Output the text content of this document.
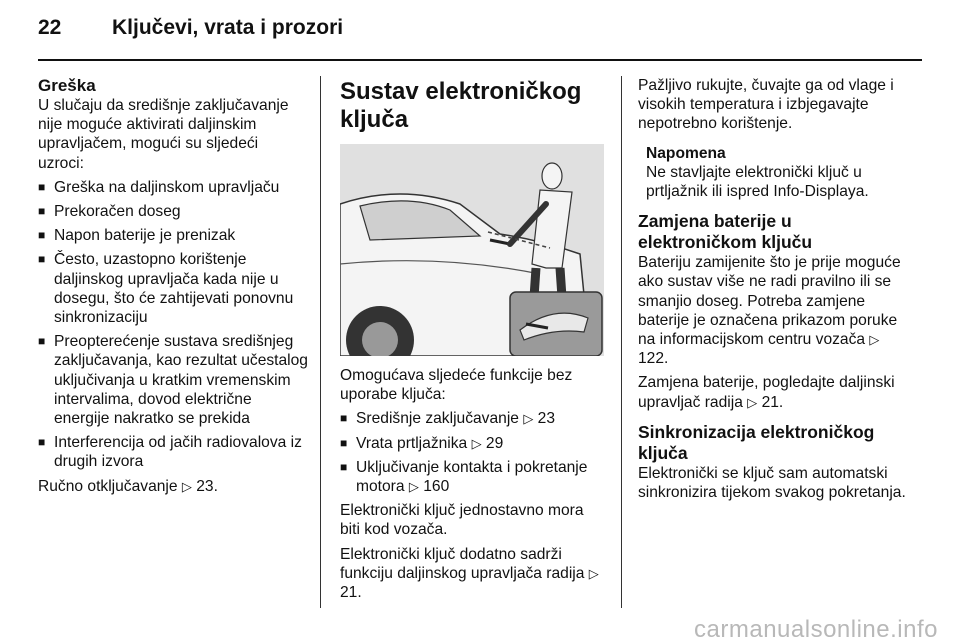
22 Ključevi, vrata i prozori
Greška

U slučaju da središnje zaključavanje nije moguće aktivirati daljinskim upravljačem, mogući su sljedeći uzroci:

■ Greška na daljinskom upravljaču
■ Prekoračen doseg
■ Napon baterije je prenizak
■ Često, uzastopno korištenje daljinskog upravljača kada nije u dosegu, što će zahtijevati ponovnu sinkronizaciju
■ Preopterećenje sustava središnjeg zaključavanja, kao rezultat učestalog uključivanja u kratkim vremenskim intervalima, dovod električne energije nakratko se prekida
■ Interferencija od jačih radiovalova iz drugih izvora

Ručno otključavanje ▷ 23.

Sustav elektroničkog ključa

Omogućava sljedeće funkcije bez uporabe ključa:

■ Središnje zaključavanje ▷ 23
■ Vrata prtljažnika ▷ 29
■ Uključivanje kontakta i pokretanje motora ▷ 160

Elektronički ključ jednostavno mora biti kod vozača.

Elektronički ključ dodatno sadrži funkciju daljinskog upravljača radija ▷ 21.

Pažljivo rukujte, čuvajte ga od vlage i visokih temperatura i izbjegavajte nepotrebno korištenje.

Napomena
Ne stavljajte elektronički ključ u prtljažnik ili ispred Info-Displaya.
Zamjena baterije u elektroničkom ključu

Bateriju zamijenite što je prije moguće ako sustav više ne radi pravilno ili se smanjio doseg. Potreba zamjene baterije je označena prikazom poruke na informacijskom centru vozača ▷ 122.

Zamjena baterije, pogledajte daljinski upravljač radija ▷ 21.

Sinkronizacija elektroničkog ključa

Elektronički se ključ sam automatski sinkronizira tijekom svakog pokretanja.

carmanualsonline.info
